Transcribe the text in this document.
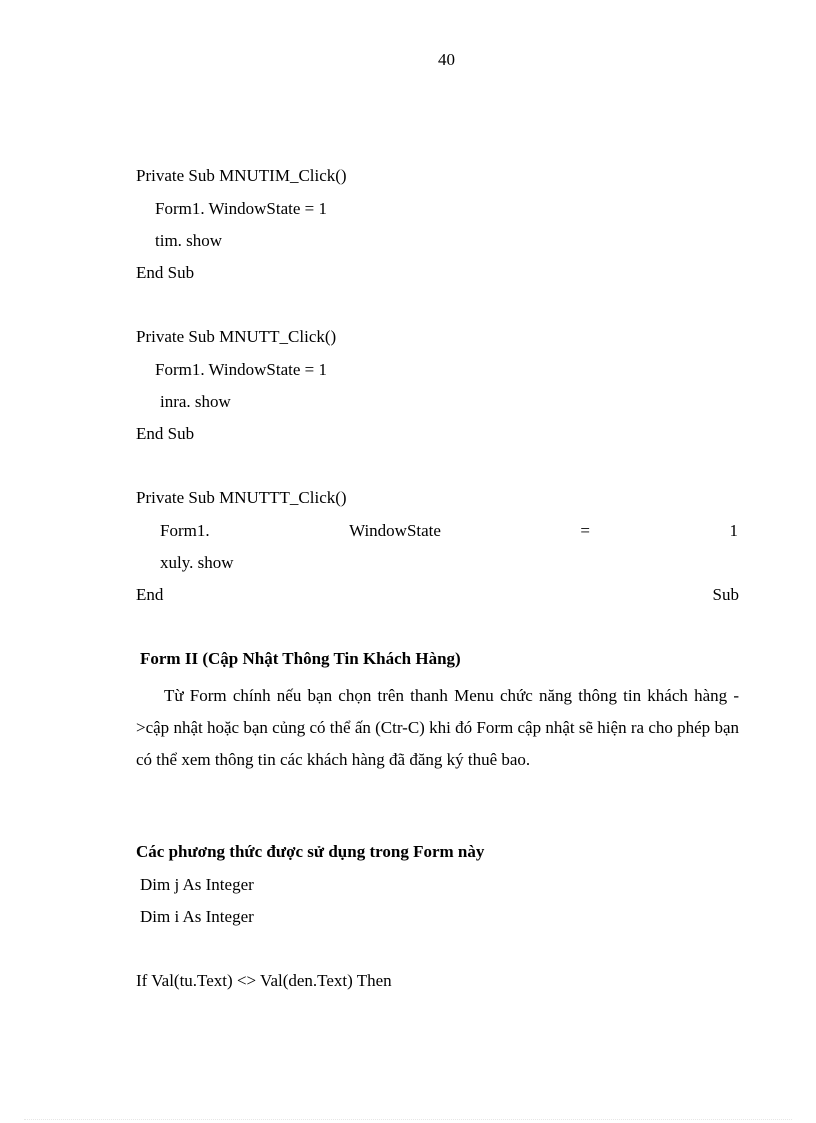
40
Private Sub MNUTIM_Click()
Form1. WindowState = 1
tim. show
End Sub
Private Sub MNUTT_Click()
Form1. WindowState = 1
inra. show
End Sub
Private Sub MNUTTT_Click()
Form1.	WindowState	=	1
xuly. show
End	Sub
Form II (Cập Nhật Thông Tin Khách Hàng)
Từ Form chính nếu bạn chọn trên thanh Menu chức năng thông tin khách hàng - >cập nhật hoặc bạn củng có thể ấn (Ctr-C) khi đó Form cập nhật sẽ hiện ra cho phép bạn có thể xem thông tin các khách hàng đã đăng ký thuê bao.
Các phương thức được sử dụng trong Form này
Dim j As Integer
Dim i As Integer
If Val(tu.Text) <> Val(den.Text) Then
